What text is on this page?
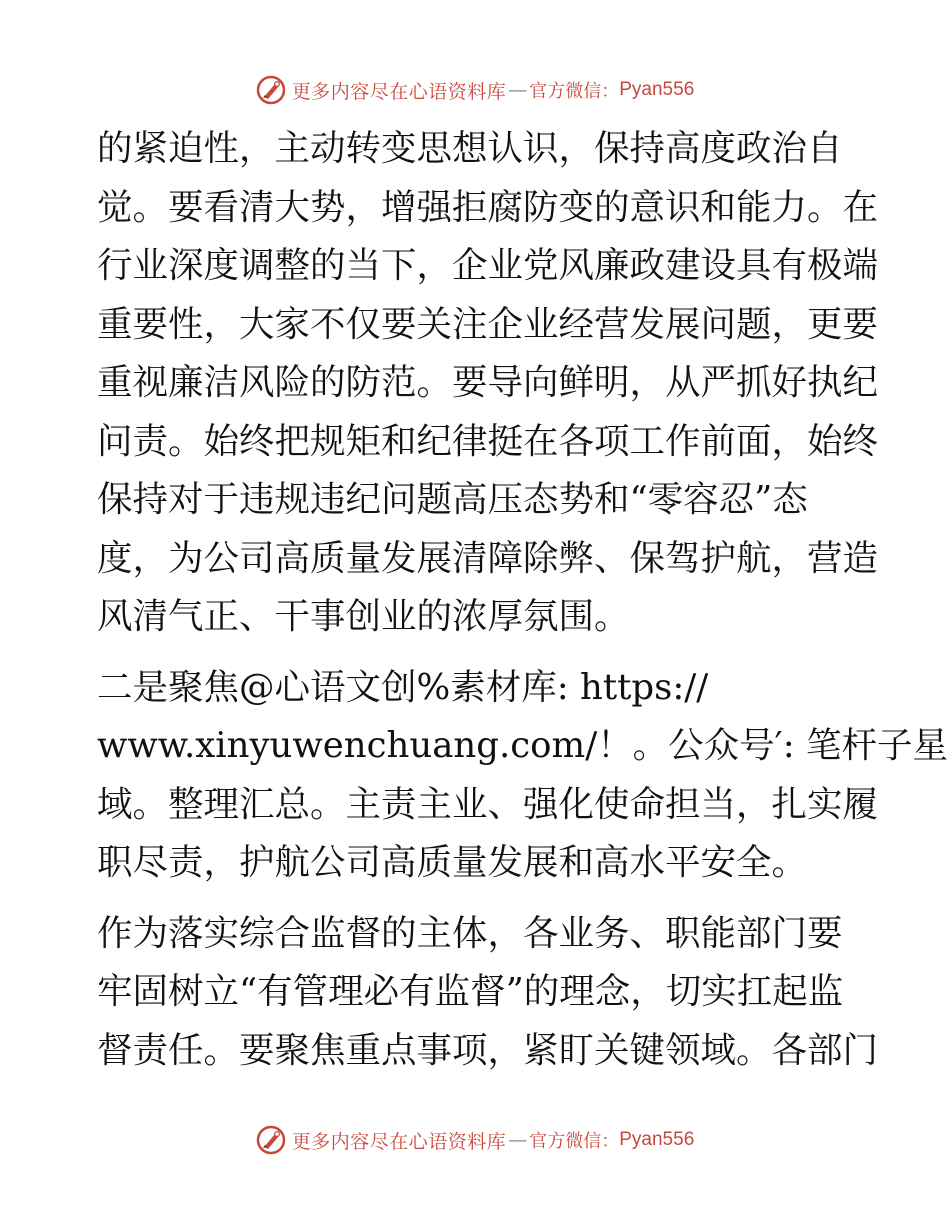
更多内容尽在心语资料库 — 官方微信： Pyan556
的紧迫性，主动转变思想认识，保持高度政治自
觉。要看清大势，增强拒腐防变的意识和能力。在
行业深度调整的当下，企业党风廉政建设具有极端
重要性，大家不仅要关注企业经营发展问题，更要
重视廉洁风险的防范。要导向鲜明，从严抓好执纪
问责。始终把规矩和纪律挺在各项工作前面，始终
保持对于违规违纪问题高压态势和“零容忍”态
度，为公司高质量发展清障除弊、保驾护航，营造
风清气正、干事创业的浓厚氛围。
二是聚焦@心语文创%素材库: https://
www.xinyuwenchuang.com/！。公众号′: 笔杆子星
域。整理汇总。主责主业、强化使命担当，扎实履
职尽责，护航公司高质量发展和高水平安全。
作为落实综合监督的主体，各业务、职能部门要
牢固树立“有管理必有监督”的理念，切实扛起监
督责任。要聚焦重点事项，紧盯关键领域。各部门
更多内容尽在心语资料库 — 官方微信： Pyan556
